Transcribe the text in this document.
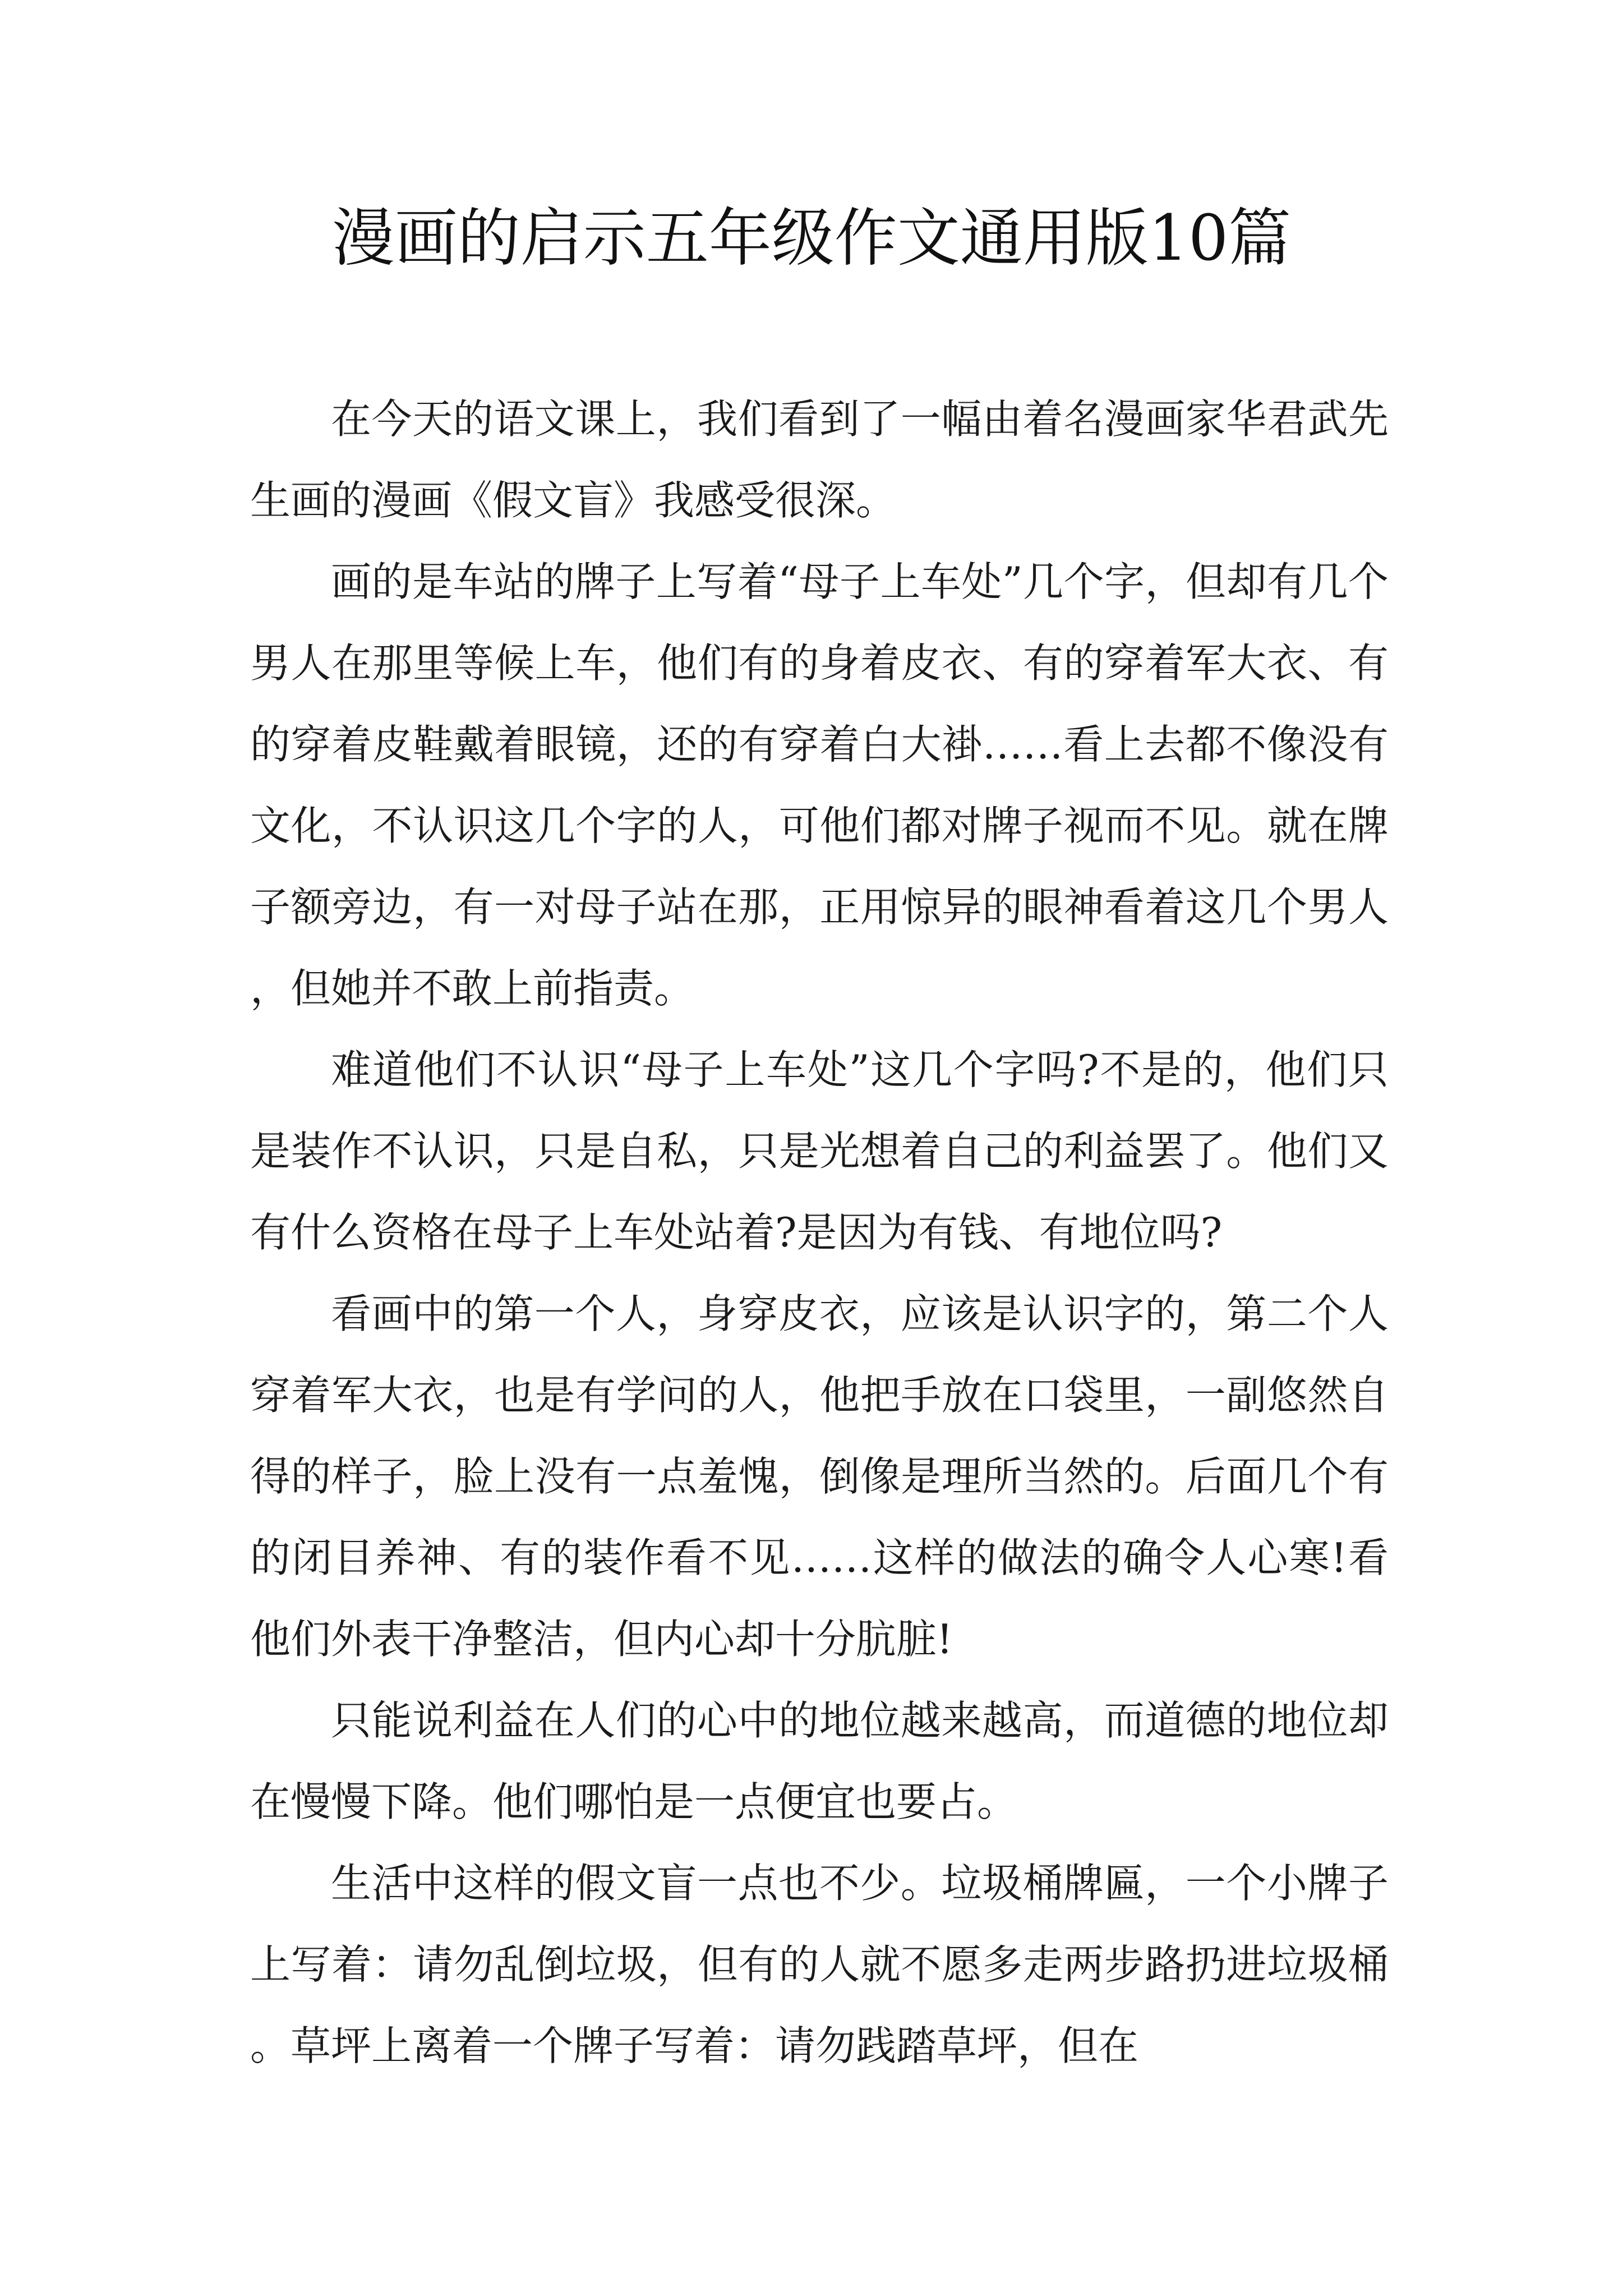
漫画的启示五年级作文通用版10篇

在今天的语文课上，我们看到了一幅由着名漫画家华君武先生画的漫画《假文盲》我感受很深。

画的是车站的牌子上写着“母子上车处”几个字，但却有几个男人在那里等候上车，他们有的身着皮衣、有的穿着军大衣、有的穿着皮鞋戴着眼镜，还的有穿着白大褂……看上去都不像没有文化，不认识这几个字的人，可他们都对牌子视而不见。就在牌子额旁边，有一对母子站在那，正用惊异的眼神看着这几个男人，但她并不敢上前指责。

难道他们不认识“母子上车处”这几个字吗?不是的，他们只是装作不认识，只是自私，只是光想着自己的利益罢了。他们又有什么资格在母子上车处站着?是因为有钱、有地位吗?

看画中的第一个人，身穿皮衣，应该是认识字的，第二个人穿着军大衣，也是有学问的人，他把手放在口袋里，一副悠然自得的样子，脸上没有一点羞愧，倒像是理所当然的。后面几个有的闭目养神、有的装作看不见……这样的做法的确令人心寒!看他们外表干净整洁，但内心却十分肮脏!

只能说利益在人们的心中的地位越来越高，而道德的地位却在慢慢下降。他们哪怕是一点便宜也要占。

生活中这样的假文盲一点也不少。垃圾桶牌匾，一个小牌子上写着：请勿乱倒垃圾，但有的人就不愿多走两步路扔进垃圾桶。草坪上离着一个牌子写着：请勿践踏草坪，但在
